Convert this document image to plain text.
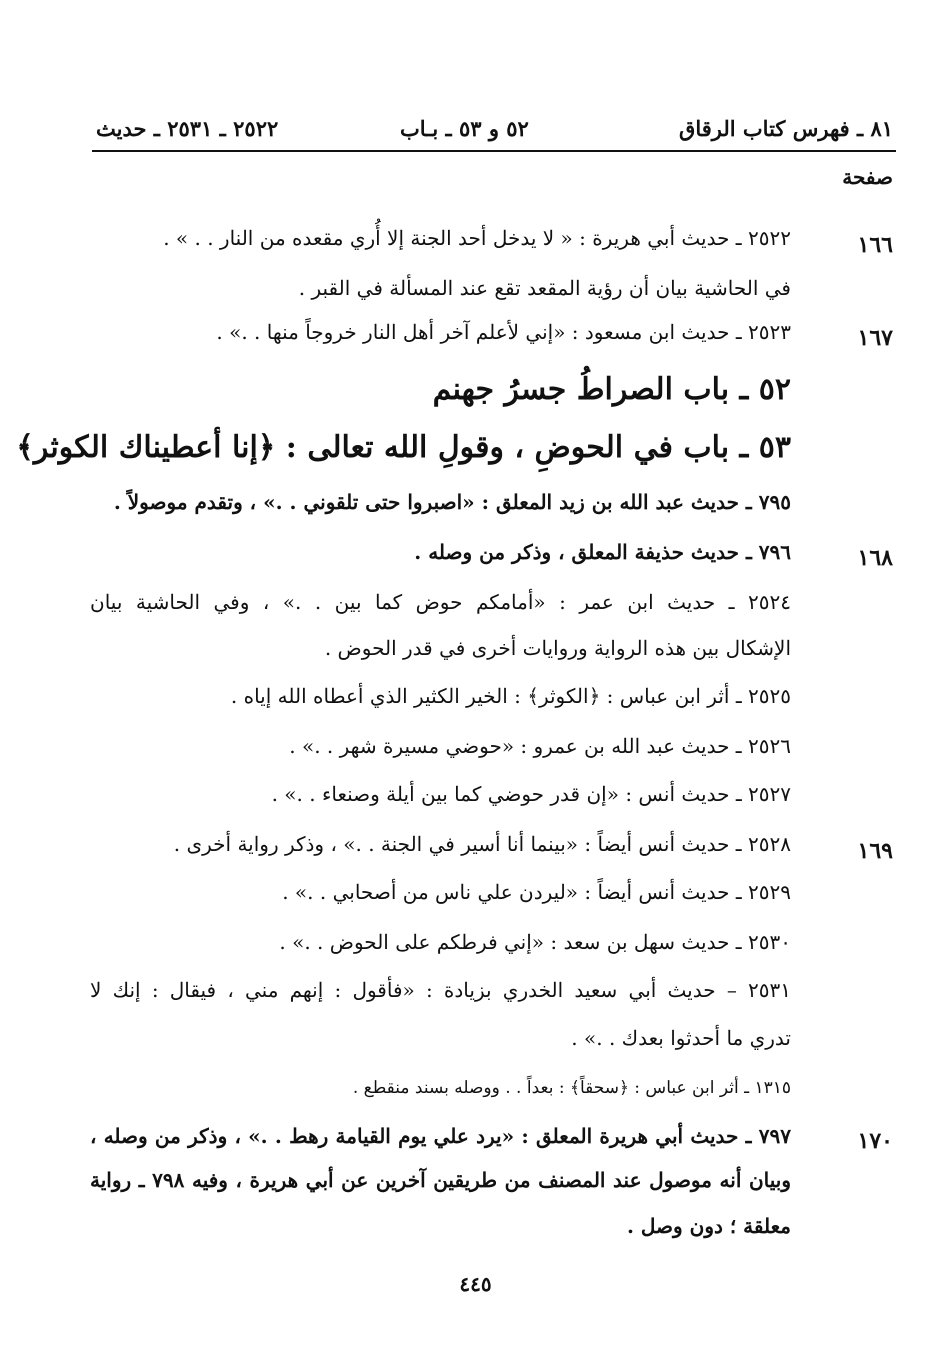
٨١ ـ فهرس كتاب الرقاق
٥٢ و ٥٣ ـ بـاب
٢٥٢٢ ـ ٢٥٣١ ـ حديث
صفحة
١٦٦
٢٥٢٢ ـ حديث أبي هريرة : « لا يدخل أحد الجنة إلا أُري مقعده من النار . . » .
في الحاشية بيان أن رؤية المقعد تقع عند المسألة في القبر .
١٦٧
٢٥٢٣ ـ حديث ابن مسعود : «إني لأعلم آخر أهل النار خروجاً منها . .» .
٥٢ ـ باب الصراطُ جسرُ جهنم
٥٣ ـ باب في الحوضِ ، وقولِ الله تعالى : ﴿إنا أعطيناك الكوثر﴾
٧٩٥ ـ حديث عبد الله بن زيد المعلق : «اصبروا حتى تلقوني . .» ، وتقدم موصولاً .
١٦٨
٧٩٦ ـ حديث حذيفة المعلق ، وذكر من وصله .
٢٥٢٤ ـ حديث ابن عمر : «أمامكم حوض كما بين . .» ، وفي الحاشية بيان
الإشكال بين هذه الرواية وروايات أخرى في قدر الحوض .
٢٥٢٥ ـ أثر ابن عباس : ﴿الكوثر﴾ : الخير الكثير الذي أعطاه الله إياه .
٢٥٢٦ ـ حديث عبد الله بن عمرو : «حوضي مسيرة شهر . .» .
٢٥٢٧ ـ حديث أنس : «إن قدر حوضي كما بين أيلة وصنعاء . .» .
١٦٩
٢٥٢٨ ـ حديث أنس أيضاً : «بينما أنا أسير في الجنة . .» ، وذكر رواية أخرى .
٢٥٢٩ ـ حديث أنس أيضاً : «ليردن علي ناس من أصحابي . .» .
٢٥٣٠ ـ حديث سهل بن سعد : «إني فرطكم على الحوض . .» .
٢٥٣١ – حديث أبي سعيد الخدري بزيادة : «فأقول : إنهم مني ، فيقال : إنك لا
تدري ما أحدثوا بعدك . .» .
١٣١٥ ـ أثر ابن عباس : ﴿سحقاً﴾ : بعداً . . ووصله بسند منقطع .
١٧٠
٧٩٧ ـ حديث أبي هريرة المعلق : «يرد علي يوم القيامة رهط . .» ، وذكر من وصله ،
وبيان أنه موصول عند المصنف من طريقين آخرين عن أبي هريرة ، وفيه ٧٩٨ ـ رواية
معلقة ؛ دون وصل .
٤٤٥
